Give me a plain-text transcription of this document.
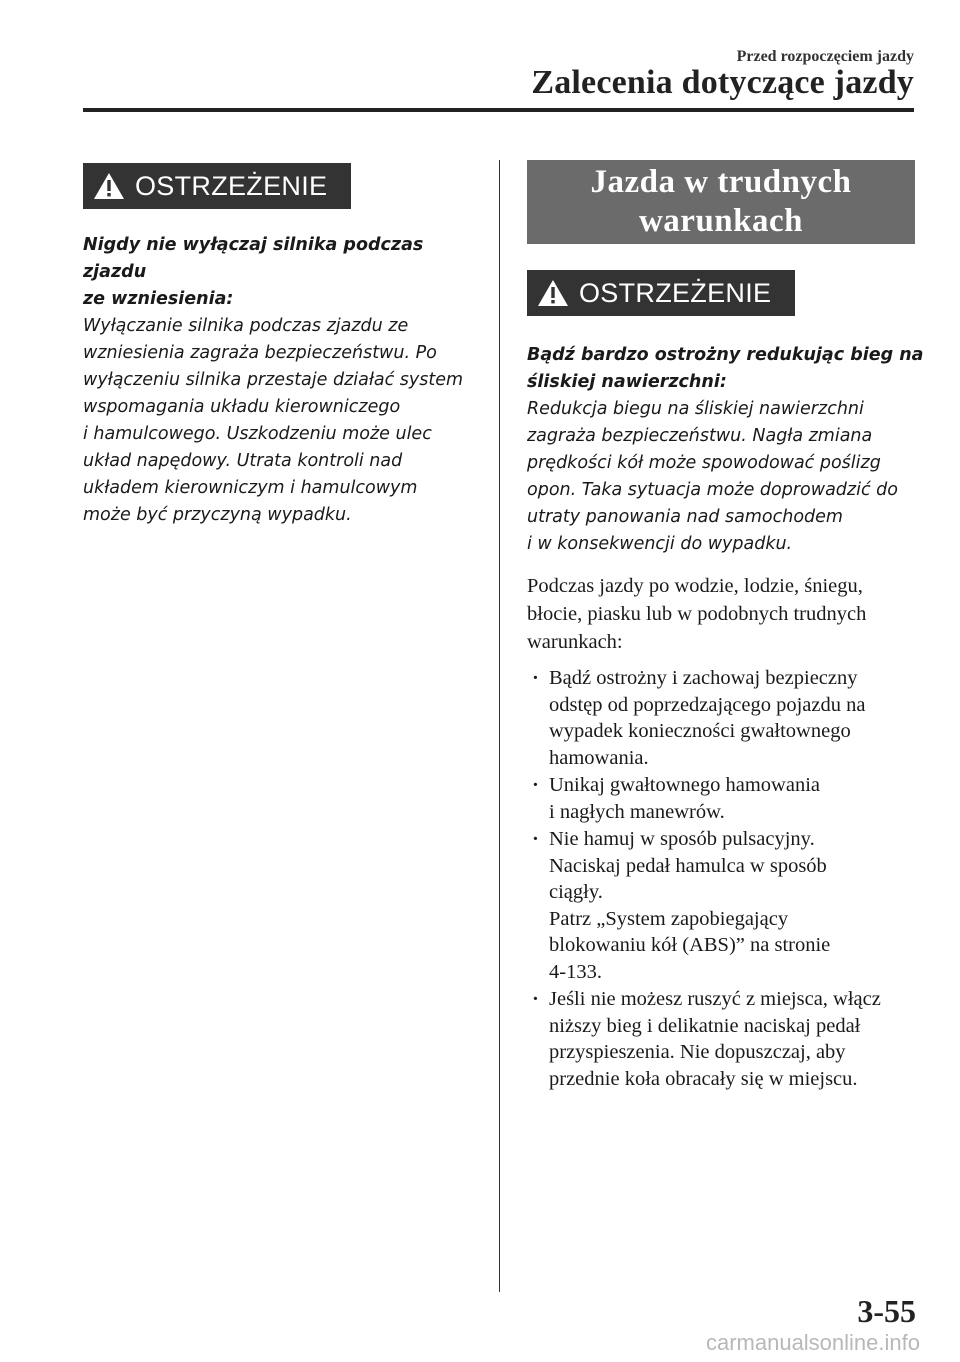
Przed rozpoczęciem jazdy
Zalecenia dotyczące jazdy
OSTRZEŻENIE
Nigdy nie wyłączaj silnika podczas zjazdu
ze wzniesienia:
Wyłączanie silnika podczas zjazdu ze
wzniesienia zagraża bezpieczeństwu. Po
wyłączeniu silnika przestaje działać system
wspomagania układu kierowniczego
i hamulcowego. Uszkodzeniu może ulec
układ napędowy. Utrata kontroli nad
układem kierowniczym i hamulcowym
może być przyczyną wypadku.
Jazda w trudnych
warunkach
OSTRZEŻENIE
Bądź bardzo ostrożny redukując bieg na
śliskiej nawierzchni:
Redukcja biegu na śliskiej nawierzchni
zagraża bezpieczeństwu. Nagła zmiana
prędkości kół może spowodować poślizg
opon. Taka sytuacja może doprowadzić do
utraty panowania nad samochodem
i w konsekwencji do wypadku.
Podczas jazdy po wodzie, lodzie, śniegu,
błocie, piasku lub w podobnych trudnych
warunkach:
· Bądź ostrożny i zachowaj bezpieczny
odstęp od poprzedzającego pojazdu na
wypadek konieczności gwałtownego
hamowania.
· Unikaj gwałtownego hamowania
i nagłych manewrów.
· Nie hamuj w sposób pulsacyjny.
Naciskaj pedał hamulca w sposób
ciągły.
Patrz „System zapobiegający
blokowaniu kół (ABS)” na stronie
4-133.
· Jeśli nie możesz ruszyć z miejsca, włącz
niższy bieg i delikatnie naciskaj pedał
przyspieszenia. Nie dopuszczaj, aby
przednie koła obracały się w miejscu.
3-55
carmanualsonline.info
